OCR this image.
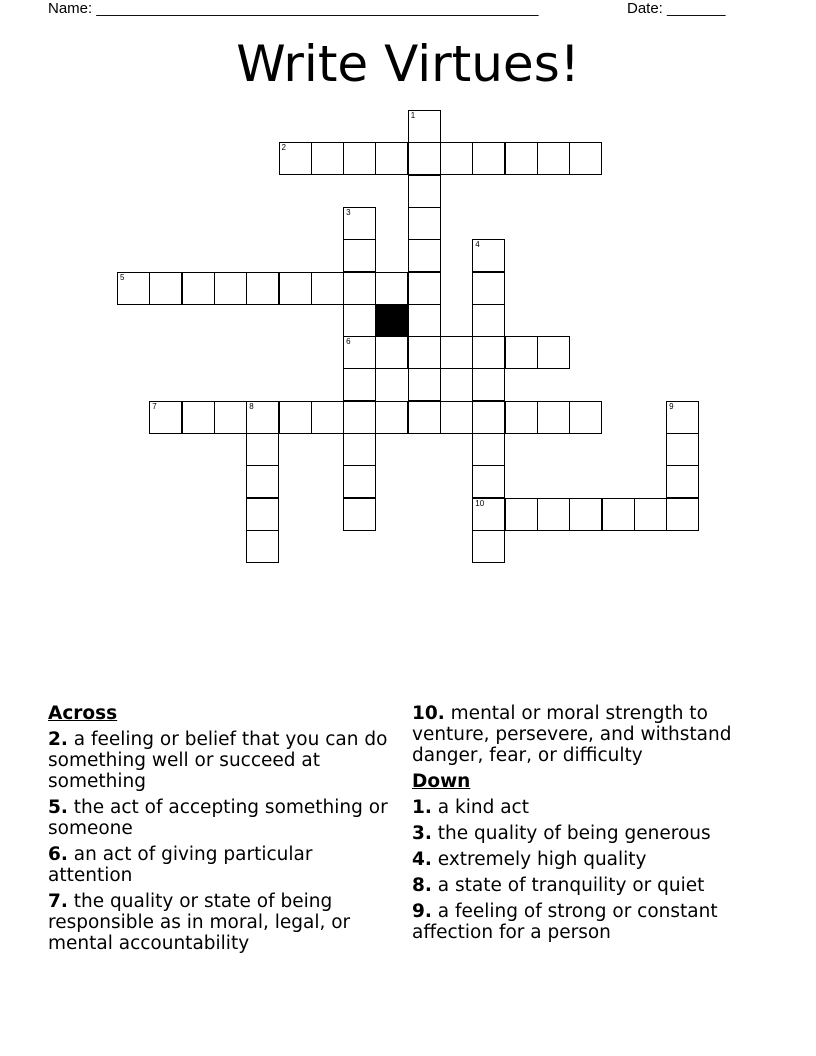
Name: _____________________________________________________	Date: _______
Write Virtues!
1
2
3
6
4
10
5
7	8	9
Across
2. a feeling or belief that you can do something well or succeed at something
5. the act of accepting something or someone
6. an act of giving particular attention
7. the quality or state of being responsible as in moral, legal, or mental accountability
10. mental or moral strength to venture, persevere, and withstand danger, fear, or difficulty
Down
1. a kind act
3. the quality of being generous
4. extremely high quality
8. a state of tranquility or quiet
9. a feeling of strong or constant affection for a person
